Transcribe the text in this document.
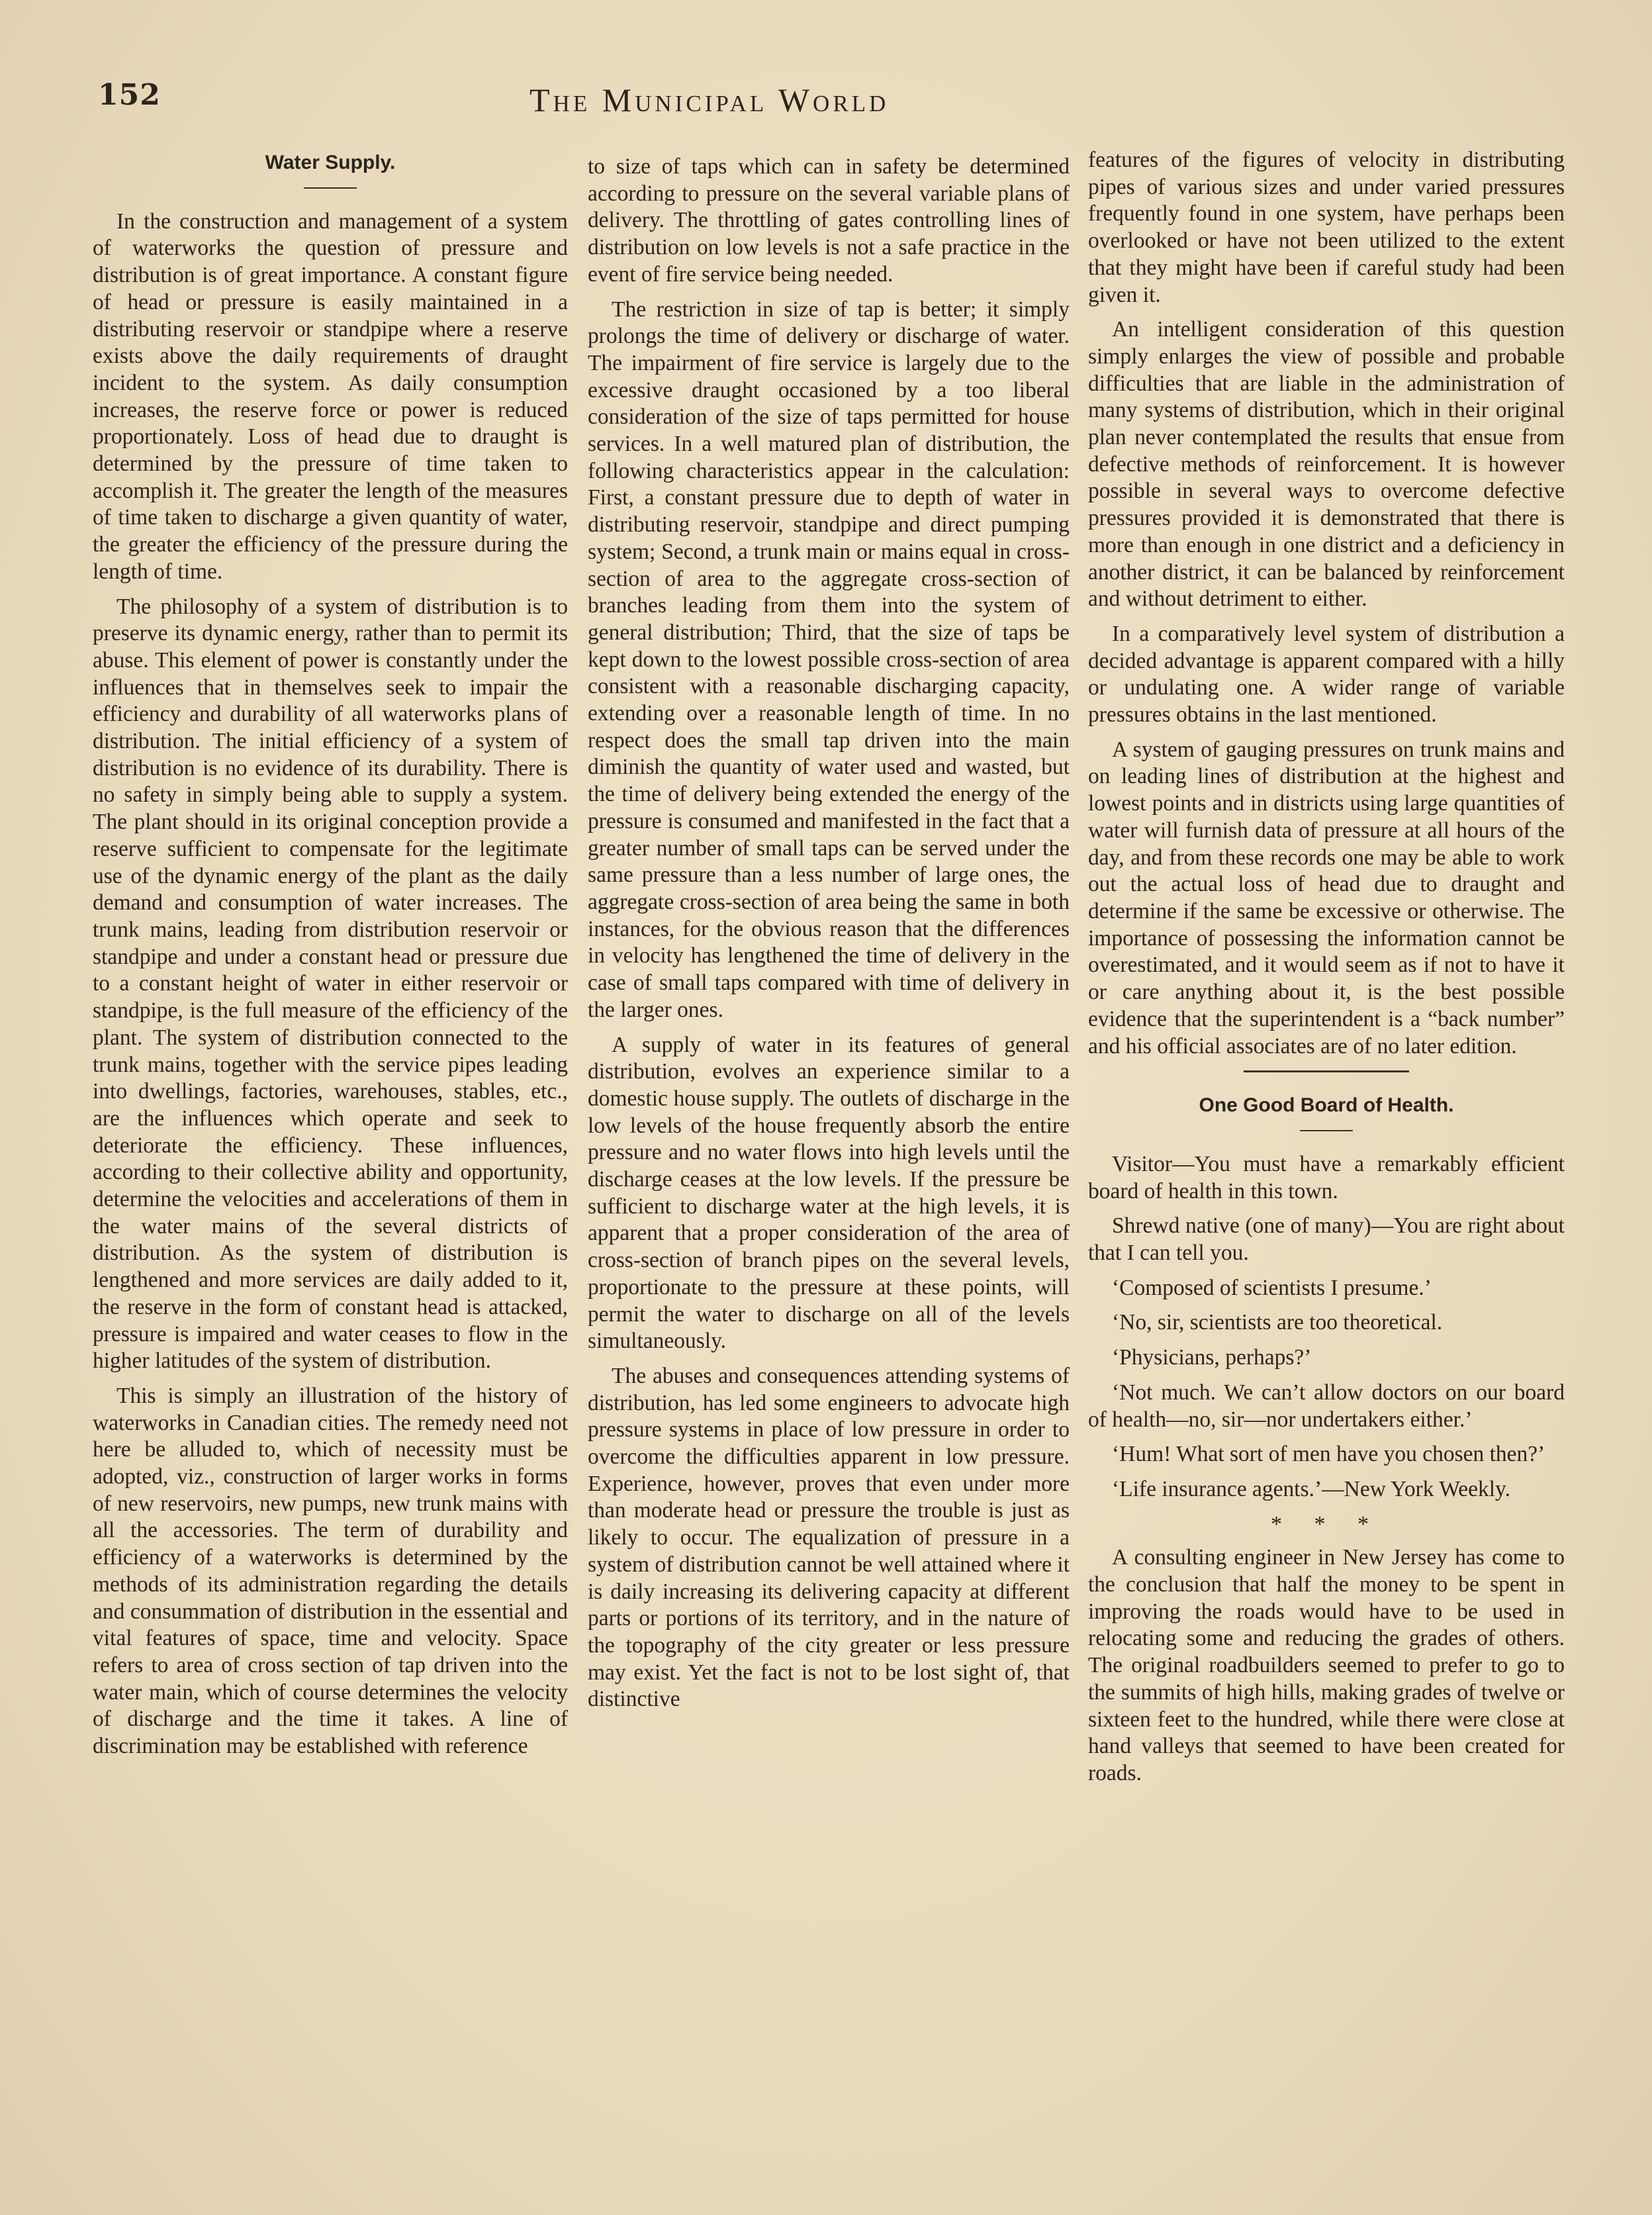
152	The Municipal World
Water Supply.

In the construction and management of a system of waterworks the question of pressure and distribution is of great importance. A constant figure of head or pressure is easily maintained in a distributing reservoir or standpipe where a reserve exists above the daily requirements of draught incident to the system. As daily consumption increases, the reserve force or power is reduced proportionately. Loss of head due to draught is determined by the pressure of time taken to accomplish it. The greater the length of the measures of time taken to discharge a given quantity of water, the greater the efficiency of the pressure during the length of time.

The philosophy of a system of distribution is to preserve its dynamic energy, rather than to permit its abuse. This element of power is constantly under the influences that in themselves seek to impair the efficiency and durability of all waterworks plans of distribution. The initial efficiency of a system of distribution is no evidence of its durability. There is no safety in simply being able to supply a system. The plant should in its original conception provide a reserve sufficient to compensate for the legitimate use of the dynamic energy of the plant as the daily demand and consumption of water increases. The trunk mains, leading from distribution reservoir or standpipe and under a constant head or pressure due to a constant height of water in either reservoir or standpipe, is the full measure of the efficiency of the plant. The system of distribution connected to the trunk mains, together with the service pipes leading into dwellings, factories, warehouses, stables, etc., are the influences which operate and seek to deteriorate the efficiency. These influences, according to their collective ability and opportunity, determine the velocities and accelerations of them in the water mains of the several districts of distribution. As the system of distribution is lengthened and more services are daily added to it, the reserve in the form of constant head is attacked, pressure is impaired and water ceases to flow in the higher latitudes of the system of distribution.

This is simply an illustration of the history of waterworks in Canadian cities. The remedy need not here be alluded to, which of necessity must be adopted, viz., construction of larger works in forms of new reservoirs, new pumps, new trunk mains with all the accessories. The term of durability and efficiency of a waterworks is determined by the methods of its administration regarding the details and consummation of distribution in the essential and vital features of space, time and velocity. Space refers to area of cross section of tap driven into the water main, which of course determines the velocity of discharge and the time it takes. A line of discrimination may be established with reference

to size of taps which can in safety be determined according to pressure on the several variable plans of delivery. The throttling of gates controlling lines of distribution on low levels is not a safe practice in the event of fire service being needed.

The restriction in size of tap is better; it simply prolongs the time of delivery or discharge of water. The impairment of fire service is largely due to the excessive draught occasioned by a too liberal consideration of the size of taps permitted for house services. In a well matured plan of distribution, the following characteristics appear in the calculation: First, a constant pressure due to depth of water in distributing reservoir, standpipe and direct pumping system; Second, a trunk main or mains equal in cross-section of area to the aggregate cross-section of branches leading from them into the system of general distribution; Third, that the size of taps be kept down to the lowest possible cross-section of area consistent with a reasonable discharging capacity, extending over a reasonable length of time. In no respect does the small tap driven into the main diminish the quantity of water used and wasted, but the time of delivery being extended the energy of the pressure is consumed and manifested in the fact that a greater number of small taps can be served under the same pressure than a less number of large ones, the aggregate cross-section of area being the same in both instances, for the obvious reason that the differences in velocity has lengthened the time of delivery in the case of small taps compared with time of delivery in the larger ones.

A supply of water in its features of general distribution, evolves an experience similar to a domestic house supply. The outlets of discharge in the low levels of the house frequently absorb the entire pressure and no water flows into high levels until the discharge ceases at the low levels. If the pressure be sufficient to discharge water at the high levels, it is apparent that a proper consideration of the area of cross-section of branch pipes on the several levels, proportionate to the pressure at these points, will permit the water to discharge on all of the levels simultaneously.

The abuses and consequences attending systems of distribution, has led some engineers to advocate high pressure systems in place of low pressure in order to overcome the difficulties apparent in low pressure. Experience, however, proves that even under more than moderate head or pressure the trouble is just as likely to occur. The equalization of pressure in a system of distribution cannot be well attained where it is daily increasing its delivering capacity at different parts or portions of its territory, and in the nature of the topography of the city greater or less pressure may exist. Yet the fact is not to be lost sight of, that distinctive

features of the figures of velocity in distributing pipes of various sizes and under varied pressures frequently found in one system, have perhaps been overlooked or have not been utilized to the extent that they might have been if careful study had been given it.

An intelligent consideration of this question simply enlarges the view of possible and probable difficulties that are liable in the administration of many systems of distribution, which in their original plan never contemplated the results that ensue from defective methods of reinforcement. It is however possible in several ways to overcome defective pressures provided it is demonstrated that there is more than enough in one district and a deficiency in another district, it can be balanced by reinforcement and without detriment to either.

In a comparatively level system of distribution a decided advantage is apparent compared with a hilly or undulating one. A wider range of variable pressures obtains in the last mentioned.

A system of gauging pressures on trunk mains and on leading lines of distribution at the highest and lowest points and in districts using large quantities of water will furnish data of pressure at all hours of the day, and from these records one may be able to work out the actual loss of head due to draught and determine if the same be excessive or otherwise. The importance of possessing the information cannot be overestimated, and it would seem as if not to have it or care anything about it, is the best possible evidence that the superintendent is a “back number” and his official associates are of no later edition.

One Good Board of Health.

Visitor—You must have a remarkably efficient board of health in this town.

Shrewd native (one of many)—You are right about that I can tell you.

‘Composed of scientists I presume.’

‘No, sir, scientists are too theoretical.

‘Physicians, perhaps?’

‘Not much. We can’t allow doctors on our board of health—no, sir—nor undertakers either.’

‘Hum! What sort of men have you chosen then?’

‘Life insurance agents.’—New York Weekly.

* * *

A consulting engineer in New Jersey has come to the conclusion that half the money to be spent in improving the roads would have to be used in relocating some and reducing the grades of others. The original roadbuilders seemed to prefer to go to the summits of high hills, making grades of twelve or sixteen feet to the hundred, while there were close at hand valleys that seemed to have been created for roads.
